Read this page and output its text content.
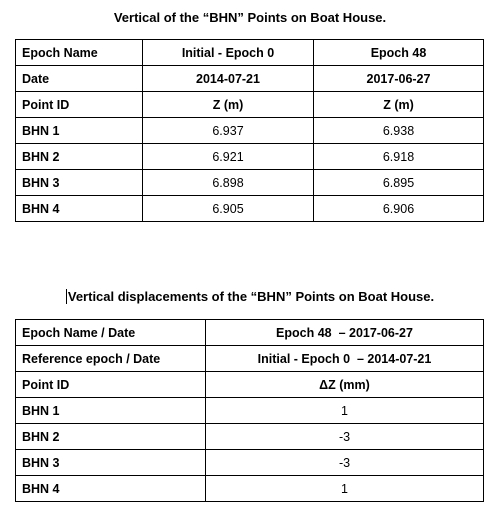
Vertical of the “BHN” Points on Boat House.
Epoch Name	Initial - Epoch 0	Epoch 48
Date	2014-07-21	2017-06-27
Point ID	Z (m)	Z (m)
BHN 1	6.937	6.938
BHN 2	6.921	6.918
BHN 3	6.898	6.895
BHN 4	6.905	6.906
Vertical displacements of the “BHN” Points on Boat House.
Epoch Name / Date	Epoch 48  – 2017-06-27
Reference epoch / Date	Initial - Epoch 0  – 2014-07-21
Point ID	ΔZ (mm)
BHN 1	1
BHN 2	-3
BHN 3	-3
BHN 4	1
